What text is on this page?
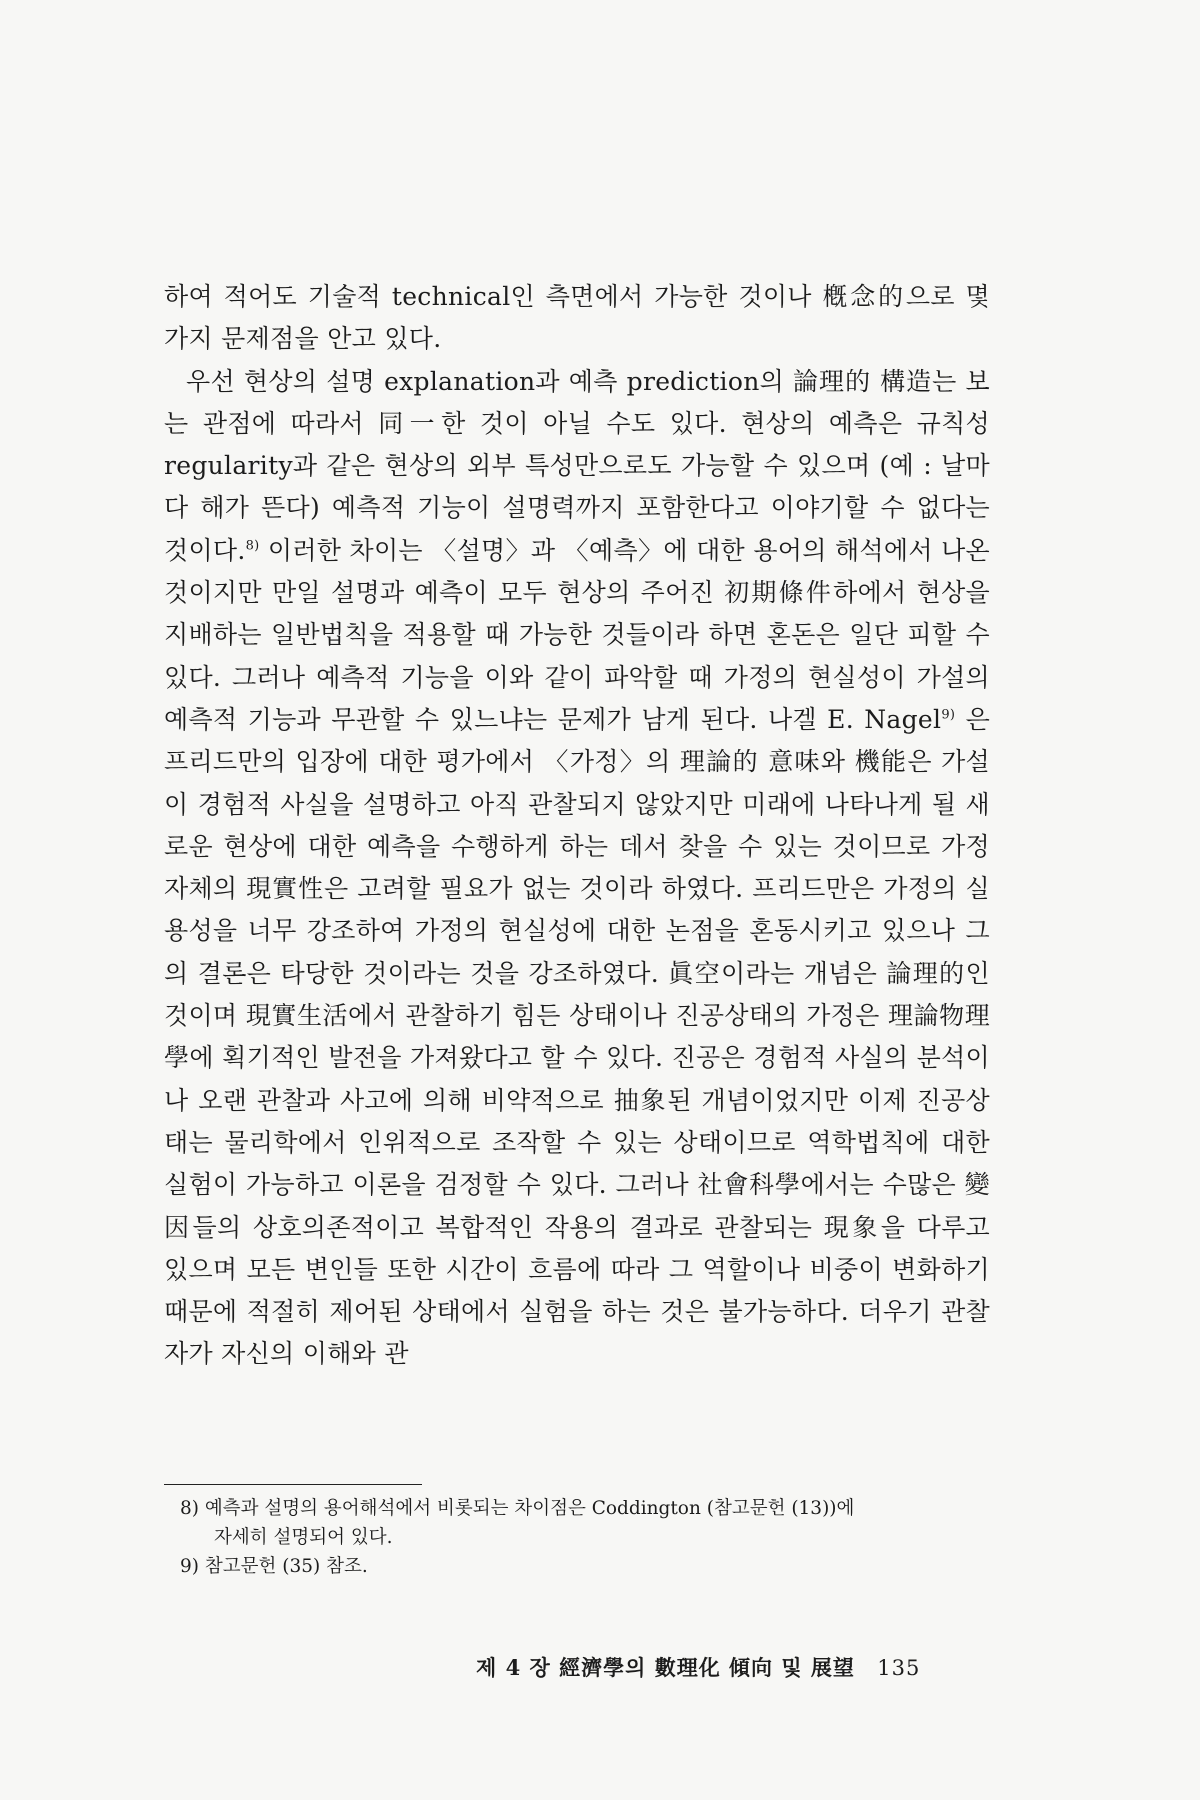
하여 적어도 기술적 technical인 측면에서 가능한 것이나 槪念的으로 몇 가지 문제점을 안고 있다.

우선 현상의 설명 explanation과 예측 prediction의 論理的 構造는 보는 관점에 따라서 同一한 것이 아닐 수도 있다. 현상의 예측은 규칙성 regularity과 같은 현상의 외부 특성만으로도 가능할 수 있으며 (예 : 날마다 해가 뜬다) 예측적 기능이 설명력까지 포함한다고 이야기할 수 없다는 것이다.$^{8)}$ 이러한 차이는 〈설명〉과 〈예측〉에 대한 용어의 해석에서 나온 것이지만 만일 설명과 예측이 모두 현상의 주어진 初期條件하에서 현상을 지배하는 일반법칙을 적용할 때 가능한 것들이라 하면 혼돈은 일단 피할 수 있다. 그러나 예측적 기능을 이와 같이 파악할 때 가정의 현실성이 가설의 예측적 기능과 무관할 수 있느냐는 문제가 남게 된다. 나겔 E. Nagel$^{9)}$ 은 프리드만의 입장에 대한 평가에서 〈가정〉의 理論的 意味와 機能은 가설이 경험적 사실을 설명하고 아직 관찰되지 않았지만 미래에 나타나게 될 새로운 현상에 대한 예측을 수행하게 하는 데서 찾을 수 있는 것이므로 가정 자체의 現實性은 고려할 필요가 없는 것이라 하였다. 프리드만은 가정의 실용성을 너무 강조하여 가정의 현실성에 대한 논점을 혼동시키고 있으나 그의 결론은 타당한 것이라는 것을 강조하였다. 眞空이라는 개념은 論理的인 것이며 現實生活에서 관찰하기 힘든 상태이나 진공상태의 가정은 理論物理學에 획기적인 발전을 가져왔다고 할 수 있다. 진공은 경험적 사실의 분석이나 오랜 관찰과 사고에 의해 비약적으로 抽象된 개념이었지만 이제 진공상태는 물리학에서 인위적으로 조작할 수 있는 상태이므로 역학법칙에 대한 실험이 가능하고 이론을 검정할 수 있다. 그러나 社會科學에서는 수많은 變因들의 상호의존적이고 복합적인 작용의 결과로 관찰되는 現象을 다루고 있으며 모든 변인들 또한 시간이 흐름에 따라 그 역할이나 비중이 변화하기 때문에 적절히 제어된 상태에서 실험을 하는 것은 불가능하다. 더우기 관찰자가 자신의 이해와 관

8) 예측과 설명의 용어해석에서 비롯되는 차이점은 Coddington (참고문헌 (13))에

자세히 설명되어 있다.

9) 참고문헌 (35) 참조.

제 4 장 經濟學의 數理化 傾向 및 展望 135
